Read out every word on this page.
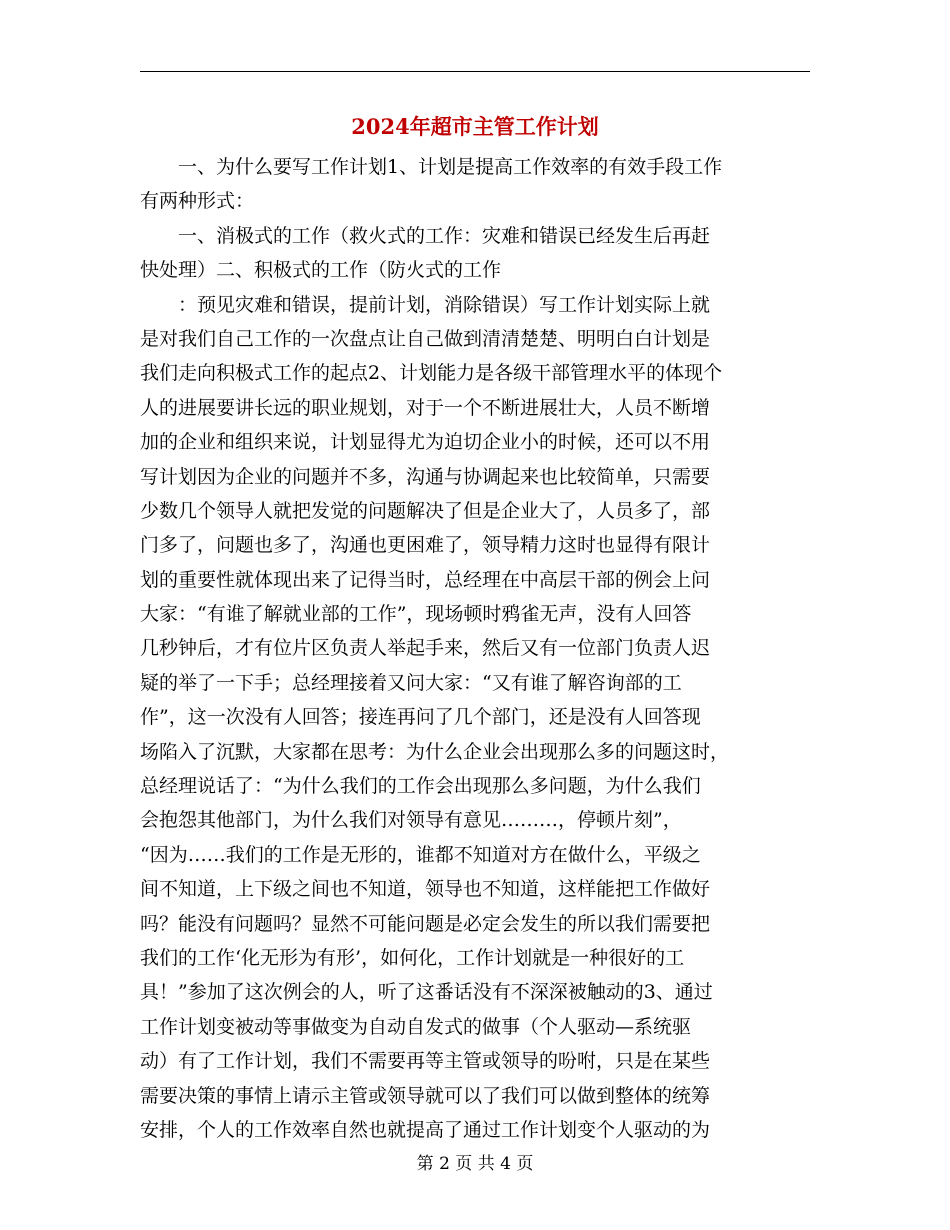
2024年超市主管工作计划
　　一、为什么要写工作计划1、计划是提高工作效率的有效手段工作
有两种形式：
　　一、消极式的工作（救火式的工作：灾难和错误已经发生后再赶
快处理）二、积极式的工作（防火式的工作
　　：预见灾难和错误，提前计划，消除错误）写工作计划实际上就
是对我们自己工作的一次盘点让自己做到清清楚楚、明明白白计划是
我们走向积极式工作的起点2、计划能力是各级干部管理水平的体现个
人的进展要讲长远的职业规划，对于一个不断进展壮大，人员不断增
加的企业和组织来说，计划显得尤为迫切企业小的时候，还可以不用
写计划因为企业的问题并不多，沟通与协调起来也比较简单，只需要
少数几个领导人就把发觉的问题解决了但是企业大了，人员多了，部
门多了，问题也多了，沟通也更困难了，领导精力这时也显得有限计
划的重要性就体现出来了记得当时，总经理在中高层干部的例会上问
大家：“有谁了解就业部的工作”，现场顿时鸦雀无声，没有人回答
几秒钟后，才有位片区负责人举起手来，然后又有一位部门负责人迟
疑的举了一下手；总经理接着又问大家：“又有谁了解咨询部的工
作”，这一次没有人回答；接连再问了几个部门，还是没有人回答现
场陷入了沉默，大家都在思考：为什么企业会出现那么多的问题这时，
总经理说话了：“为什么我们的工作会出现那么多问题，为什么我们
会抱怨其他部门，为什么我们对领导有意见………，停顿片刻”，
“因为……我们的工作是无形的，谁都不知道对方在做什么，平级之
间不知道，上下级之间也不知道，领导也不知道，这样能把工作做好
吗？能没有问题吗？显然不可能问题是必定会发生的所以我们需要把
我们的工作‘化无形为有形’，如何化，工作计划就是一种很好的工
具！”参加了这次例会的人，听了这番话没有不深深被触动的3、通过
工作计划变被动等事做变为自动自发式的做事（个人驱动—系统驱
动）有了工作计划，我们不需要再等主管或领导的吩咐，只是在某些
需要决策的事情上请示主管或领导就可以了我们可以做到整体的统筹
安排，个人的工作效率自然也就提高了通过工作计划变个人驱动的为
第 2 页 共 4 页
